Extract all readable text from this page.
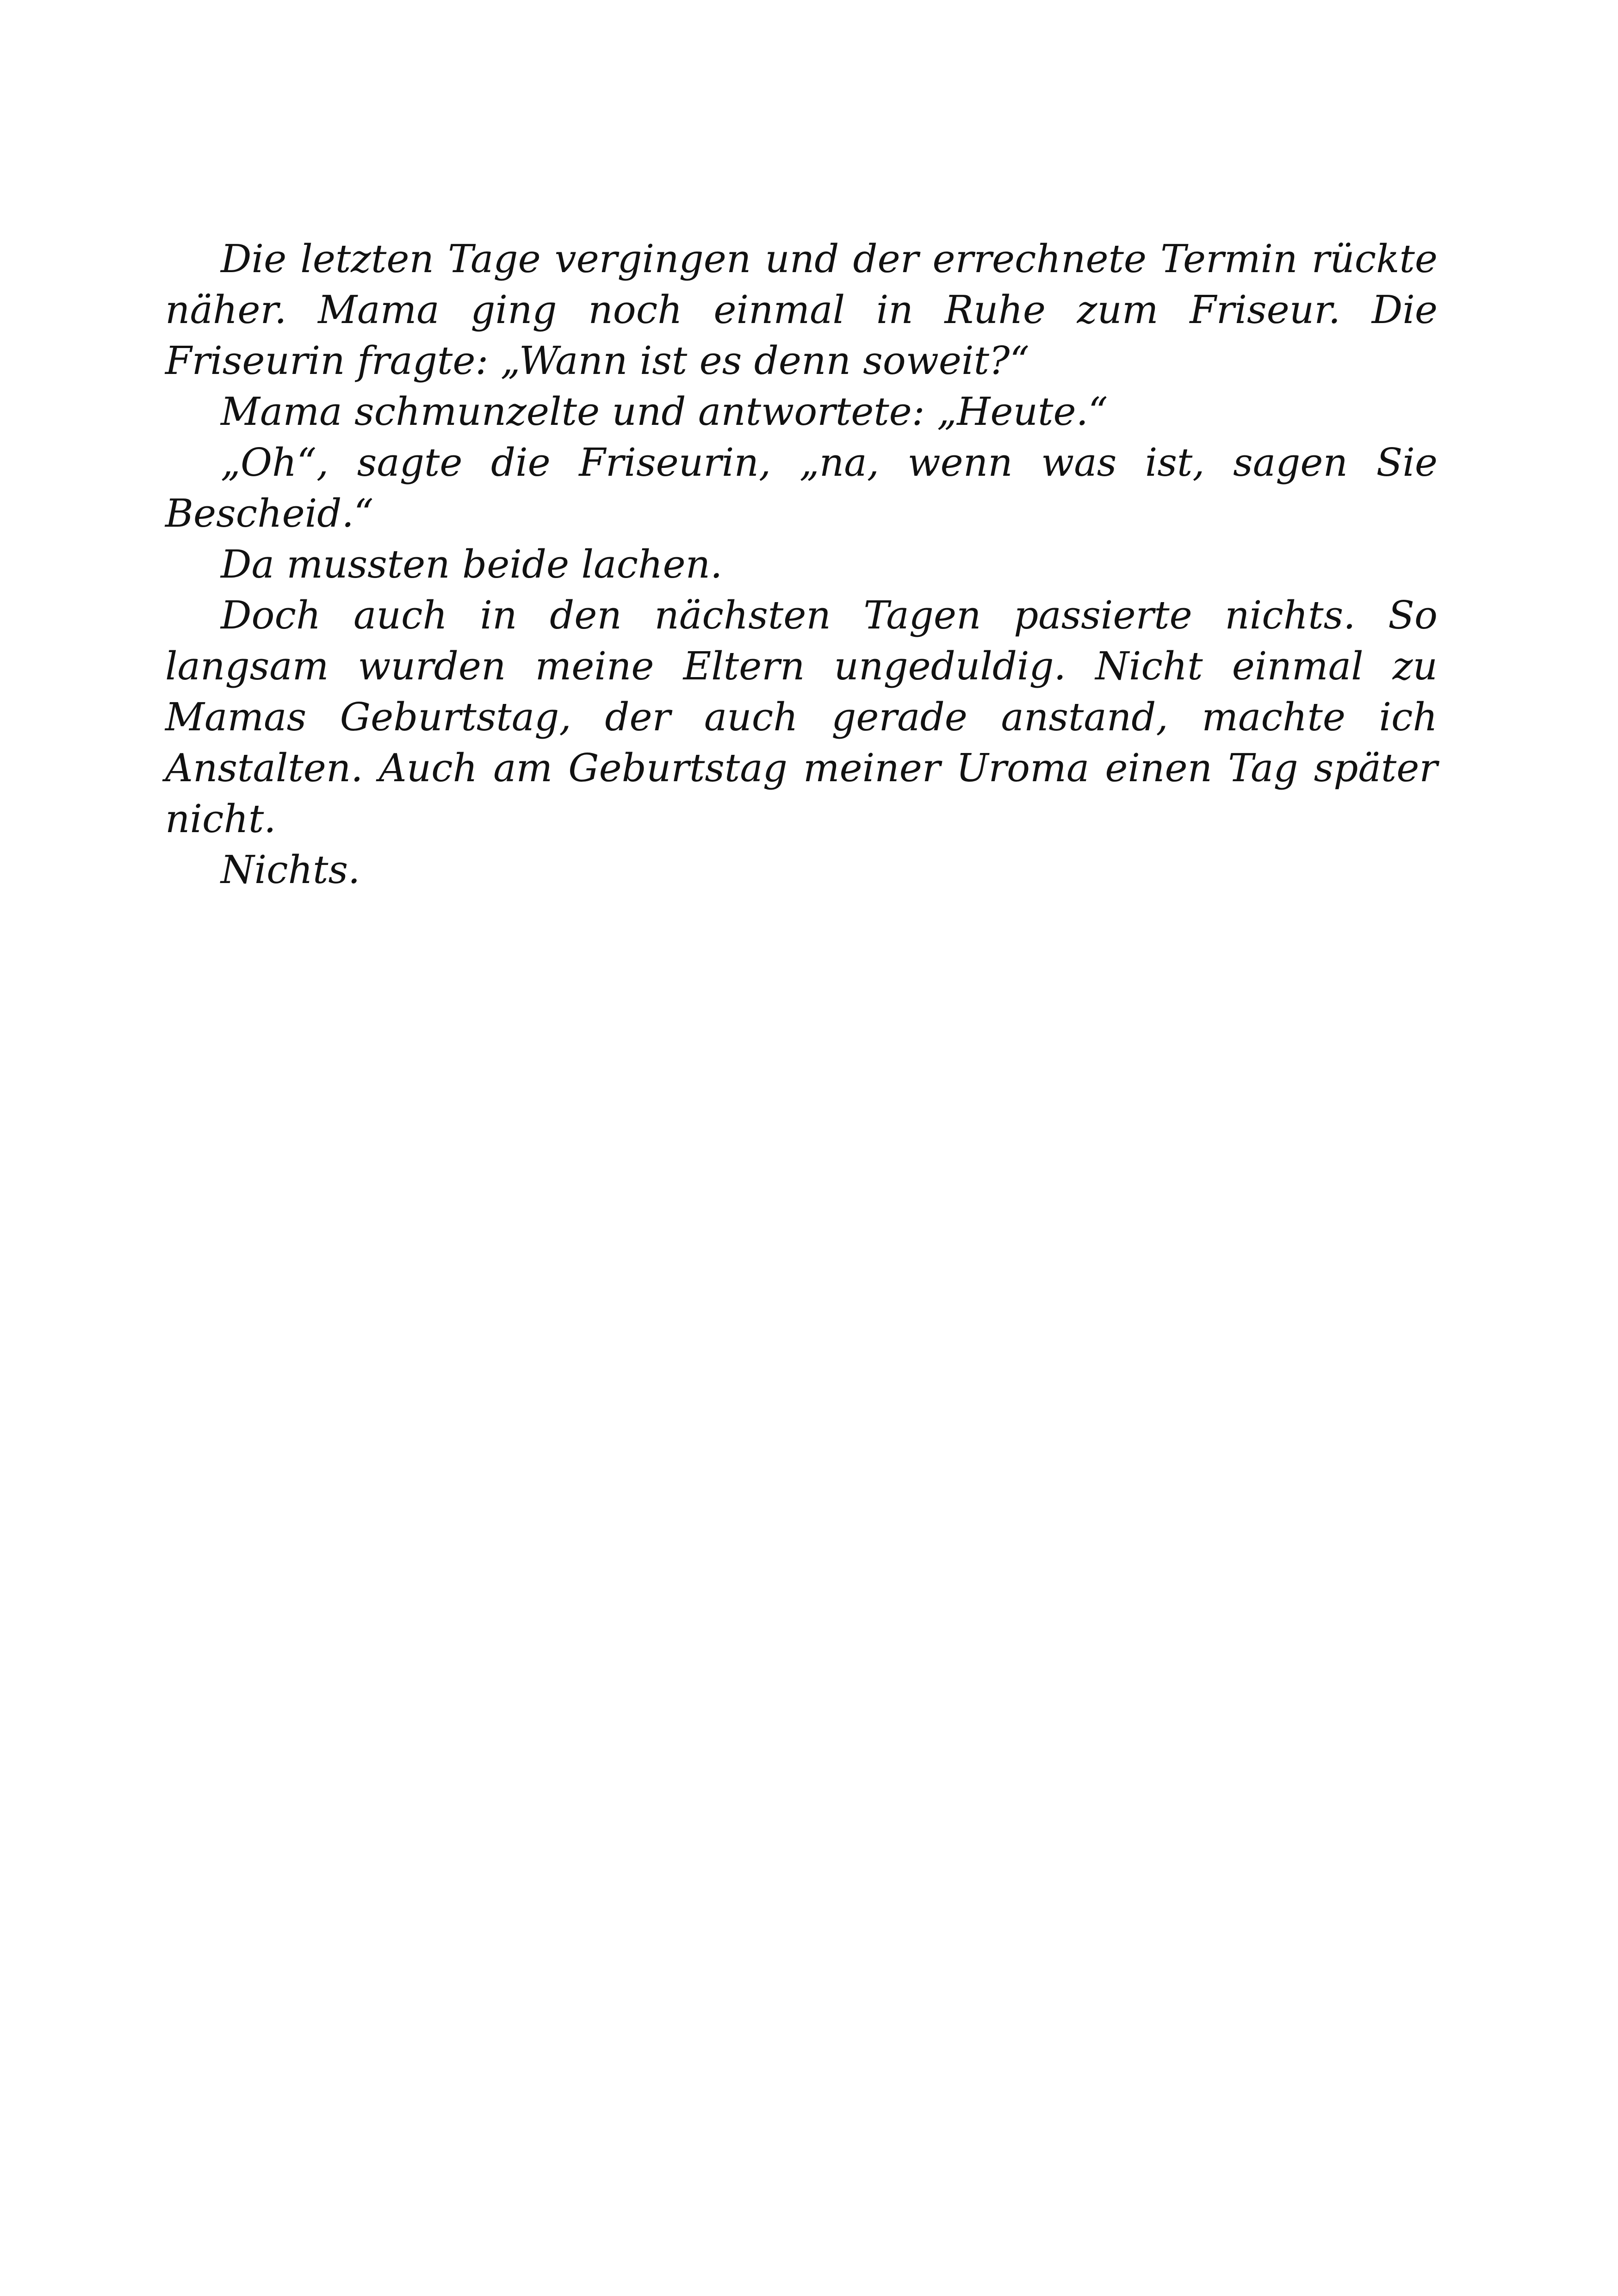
Die letzten Tage vergingen und der errechnete Termin rückte näher. Mama ging noch einmal in Ruhe zum Friseur. Die Friseurin fragte: „Wann ist es denn soweit?“

Mama schmunzelte und antwortete: „Heute.“

„Oh“, sagte die Friseurin, „na, wenn was ist, sagen Sie Bescheid.“

Da mussten beide lachen.

Doch auch in den nächsten Tagen passierte nichts. So langsam wurden meine Eltern ungeduldig. Nicht einmal zu Mamas Geburtstag, der auch gerade anstand, machte ich Anstalten. Auch am Geburtstag meiner Uroma einen Tag später nicht.

Nichts.
